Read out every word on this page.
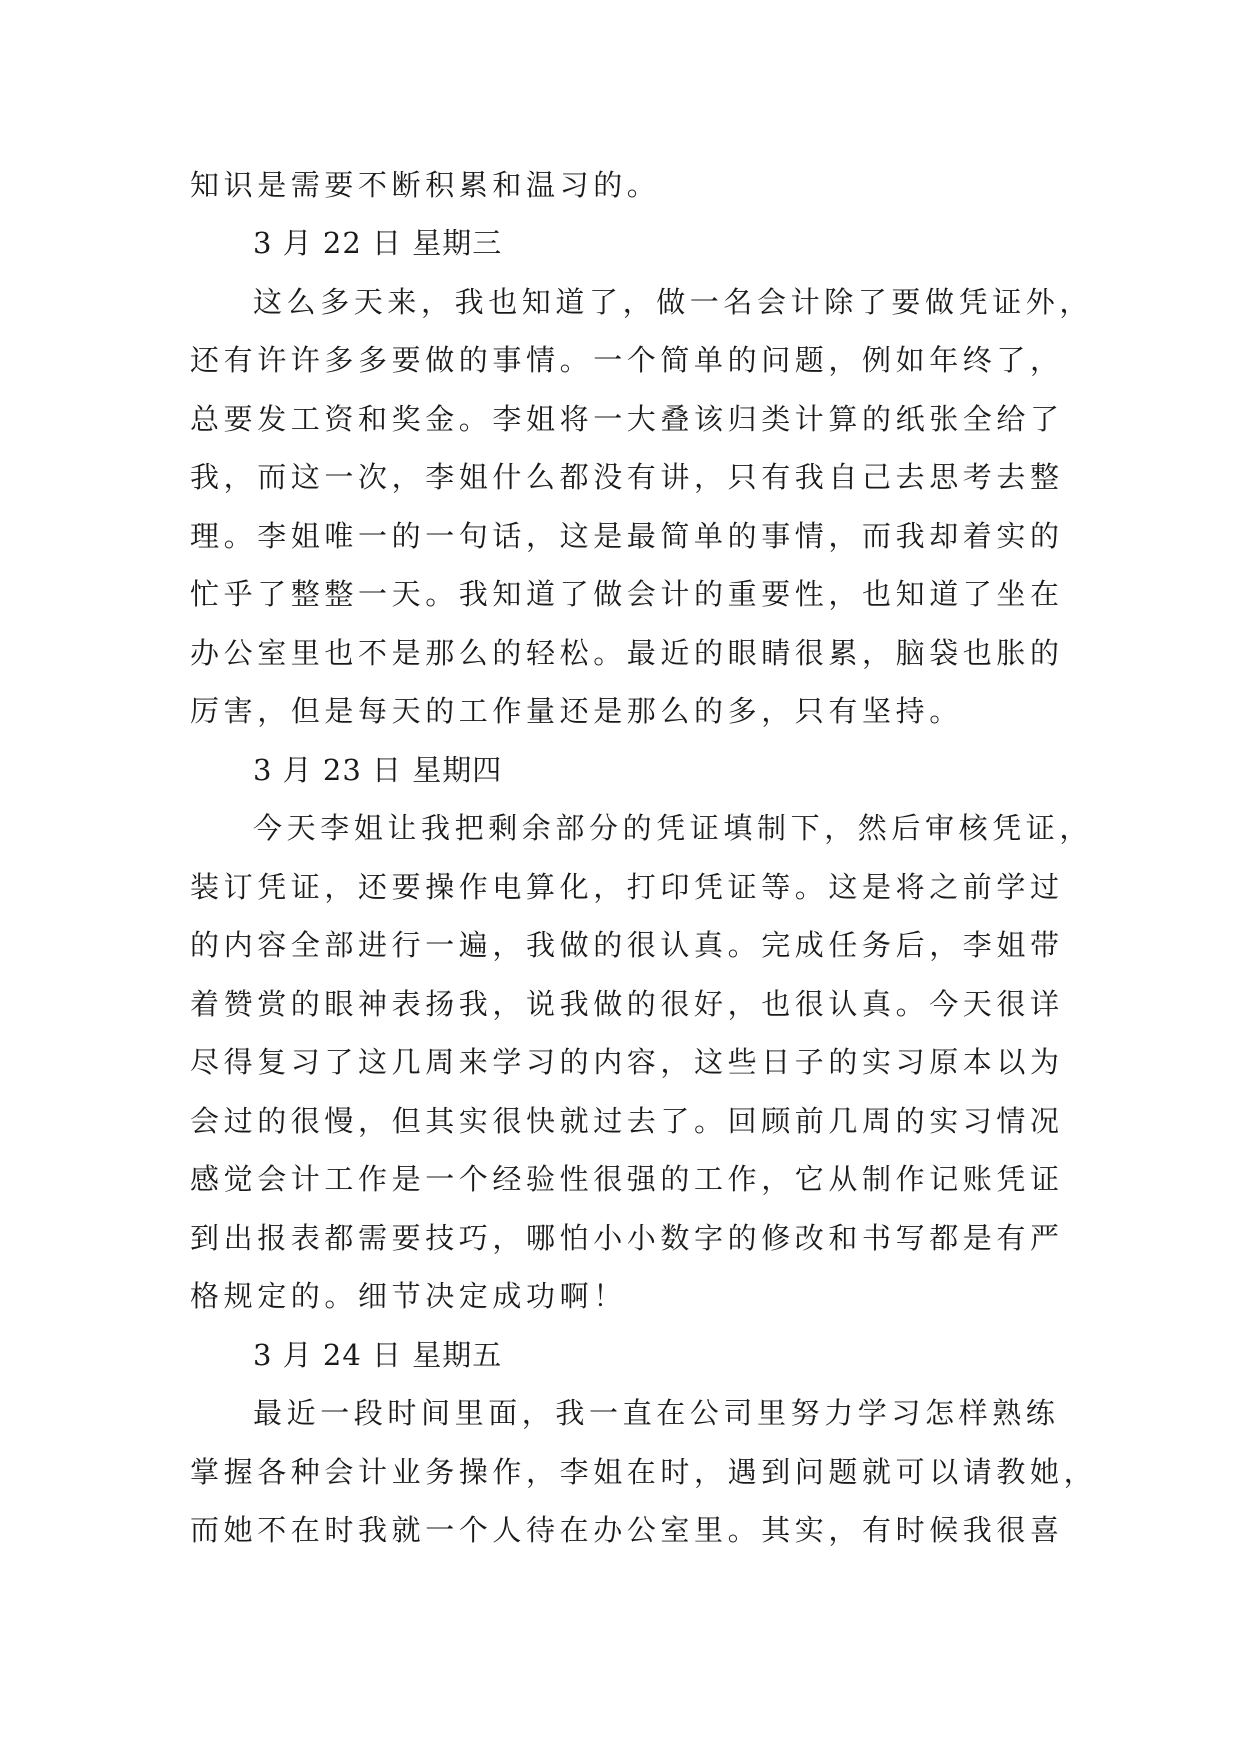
知识是需要不断积累和温习的。
3 月 22 日 星期三
这么多天来，我也知道了，做一名会计除了要做凭证外，
还有许许多多要做的事情。一个简单的问题，例如年终了，
总要发工资和奖金。李姐将一大叠该归类计算的纸张全给了
我，而这一次，李姐什么都没有讲，只有我自己去思考去整
理。李姐唯一的一句话，这是最简单的事情，而我却着实的
忙乎了整整一天。我知道了做会计的重要性，也知道了坐在
办公室里也不是那么的轻松。最近的眼睛很累，脑袋也胀的
厉害，但是每天的工作量还是那么的多，只有坚持。
3 月 23 日 星期四
今天李姐让我把剩余部分的凭证填制下，然后审核凭证，
装订凭证，还要操作电算化，打印凭证等。这是将之前学过
的内容全部进行一遍，我做的很认真。完成任务后，李姐带
着赞赏的眼神表扬我，说我做的很好，也很认真。今天很详
尽得复习了这几周来学习的内容，这些日子的实习原本以为
会过的很慢，但其实很快就过去了。回顾前几周的实习情况
感觉会计工作是一个经验性很强的工作，它从制作记账凭证
到出报表都需要技巧，哪怕小小数字的修改和书写都是有严
格规定的。细节决定成功啊！
3 月 24 日 星期五
最近一段时间里面，我一直在公司里努力学习怎样熟练
掌握各种会计业务操作，李姐在时，遇到问题就可以请教她，
而她不在时我就一个人待在办公室里。其实，有时候我很喜
